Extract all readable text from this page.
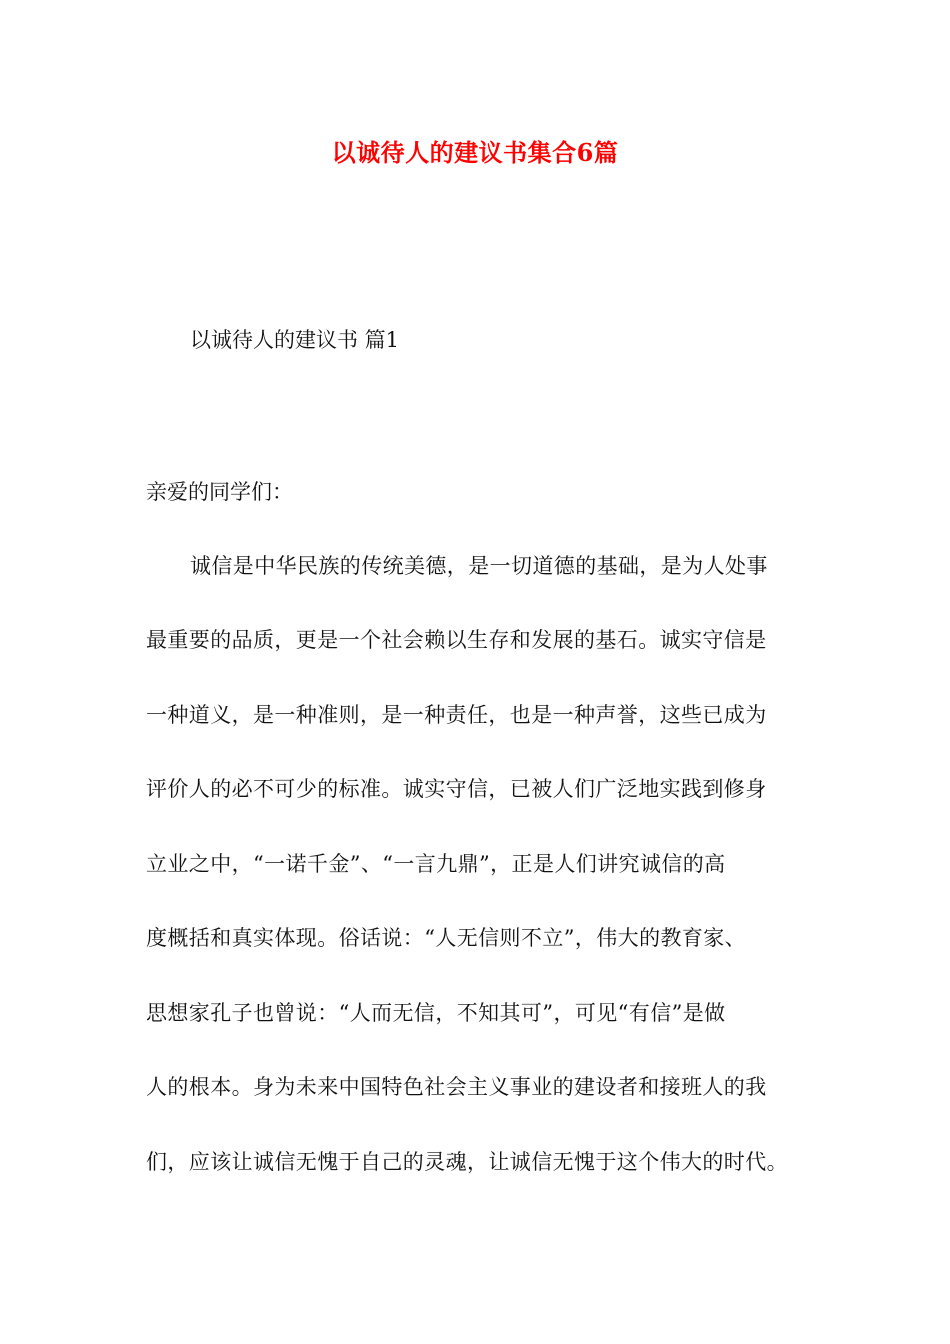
以诚待人的建议书集合6篇
以诚待人的建议书 篇1
亲爱的同学们：
诚信是中华民族的传统美德，是一切道德的基础，是为人处事
最重要的品质，更是一个社会赖以生存和发展的基石。诚实守信是
一种道义，是一种准则，是一种责任，也是一种声誉，这些已成为
评价人的必不可少的标准。诚实守信，已被人们广泛地实践到修身
立业之中，“一诺千金”、“一言九鼎”，正是人们讲究诚信的高
度概括和真实体现。俗话说：“人无信则不立”，伟大的教育家、
思想家孔子也曾说：“人而无信，不知其可”，可见“有信”是做
人的根本。身为未来中国特色社会主义事业的建设者和接班人的我
们，应该让诚信无愧于自己的灵魂，让诚信无愧于这个伟大的时代。
